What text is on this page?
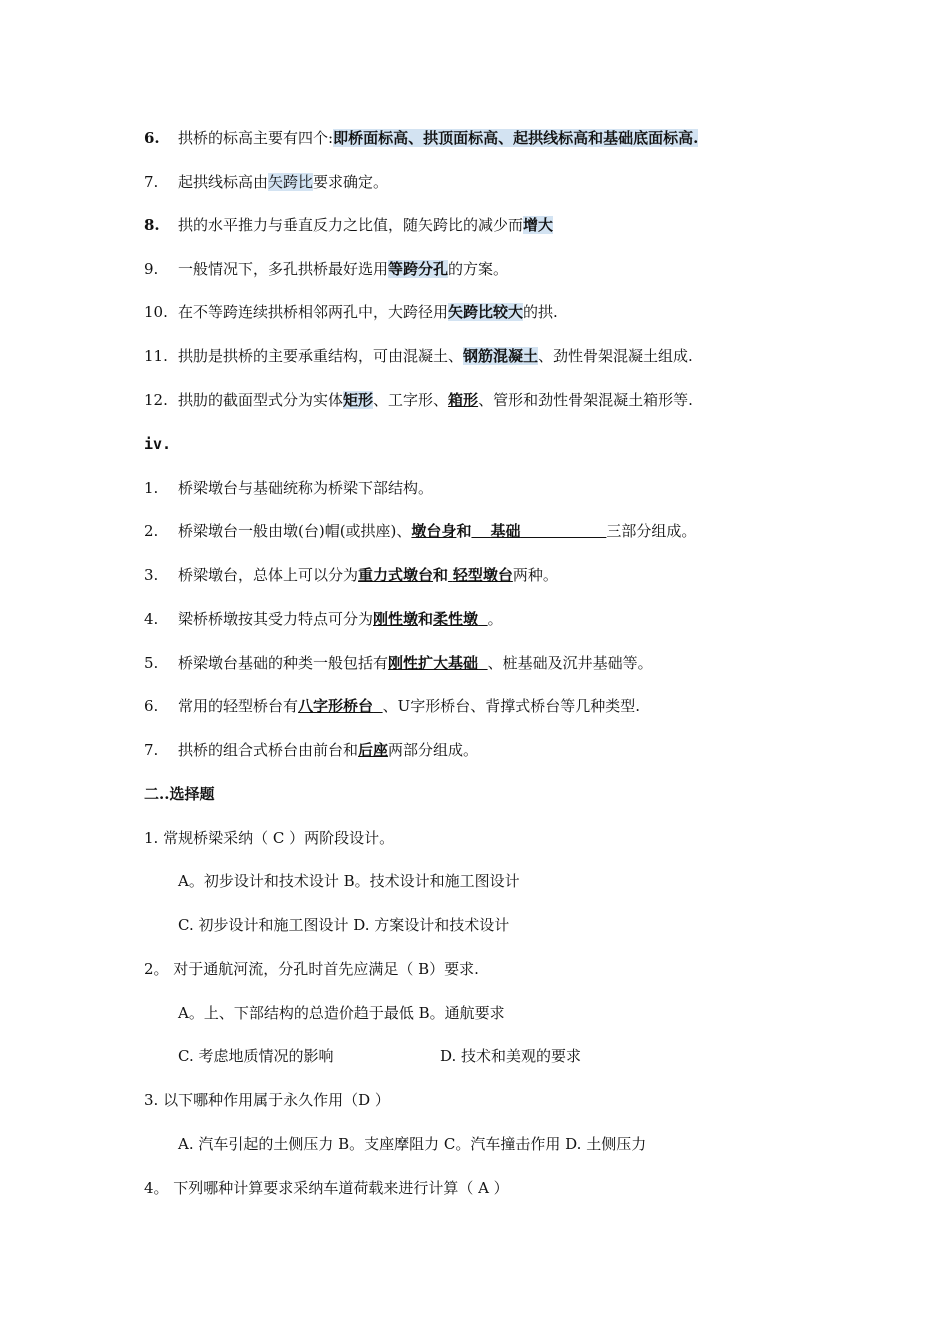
6. 拱桥的标高主要有四个:即桥面标高、拱顶面标高、起拱线标高和基础底面标高.
7. 起拱线标高由矢跨比要求确定。
8. 拱的水平推力与垂直反力之比值，随矢跨比的减少而增大
9. 一般情况下，多孔拱桥最好选用等跨分孔的方案。
10. 在不等跨连续拱桥相邻两孔中，大跨径用矢跨比较大的拱.
11. 拱肋是拱桥的主要承重结构，可由混凝土、钢筋混凝土、劲性骨架混凝土组成.
12. 拱肋的截面型式分为实体矩形、工字形、箱形、管形和劲性骨架混凝土箱形等.
iv.
1. 桥梁墩台与基础统称为桥梁下部结构。
2. 桥梁墩台一般由墩(台)帽(或拱座)、墩台身和 基础	三部分组成。
3. 桥梁墩台，总体上可以分为重力式墩台和 轻型墩台两种。
4. 梁桥桥墩按其受力特点可分为刚性墩和柔性墩 。
5. 桥梁墩台基础的种类一般包括有刚性扩大基础 、桩基础及沉井基础等。
6. 常用的轻型桥台有八字形桥台 、U字形桥台、背撑式桥台等几种类型.
7. 拱桥的组合式桥台由前台和后座两部分组成。
二..选择题
1. 常规桥梁采纳（ C ）两阶段设计。
A。初步设计和技术设计 B。技术设计和施工图设计
C. 初步设计和施工图设计 D. 方案设计和技术设计
2。 对于通航河流，分孔时首先应满足（ B）要求.
A。上、下部结构的总造价趋于最低 B。通航要求
C. 考虑地质情况的影响	D. 技术和美观的要求
3. 以下哪种作用属于永久作用（D ）
A. 汽车引起的土侧压力 B。支座摩阻力 C。汽车撞击作用 D. 土侧压力
4。 下列哪种计算要求采纳车道荷载来进行计算（ A ）
